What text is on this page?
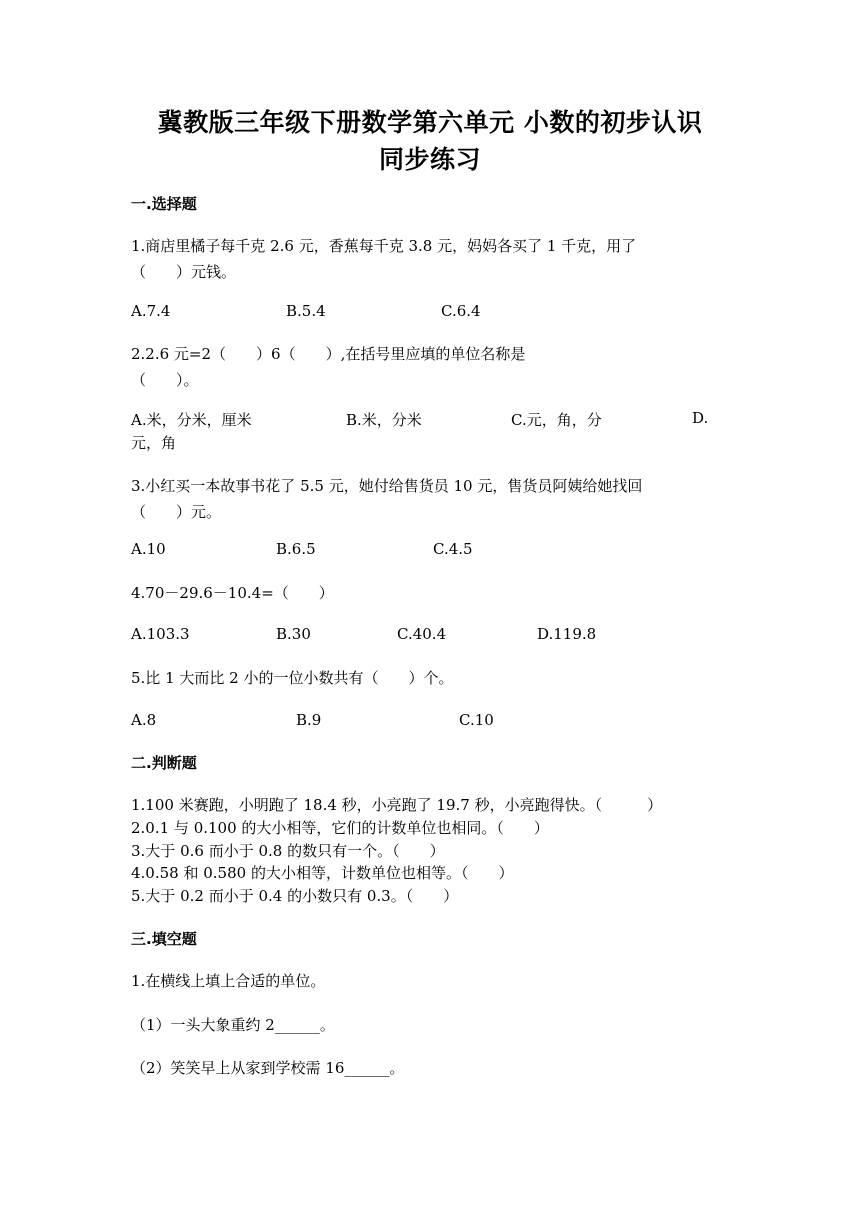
冀教版三年级下册数学第六单元 小数的初步认识
同步练习
一.选择题
1.商店里橘子每千克 2.6 元，香蕉每千克 3.8 元，妈妈各买了 1 千克，用了
（　　）元钱。
A.7.4	B.5.4	C.6.4
2.2.6 元=2（　　）6（　　）,在括号里应填的单位名称是
（　　）。
A.米，分米，厘米	B.米，分米	C.元，角，分	D.
元，角
3.小红买一本故事书花了 5.5 元，她付给售货员 10 元，售货员阿姨给她找回
（　　）元。
A.10	B.6.5	C.4.5
4.70－29.6－10.4=（　　）
A.103.3	B.30	C.40.4	D.119.8
5.比 1 大而比 2 小的一位小数共有（　　）个。
A.8	B.9	C.10
二.判断题
1.100 米赛跑，小明跑了 18.4 秒，小亮跑了 19.7 秒，小亮跑得快。（　　　）
2.0.1 与 0.100 的大小相等，它们的计数单位也相同。（　　）
3.大于 0.6 而小于 0.8 的数只有一个。（　　）
4.0.58 和 0.580 的大小相等，计数单位也相等。（　　）
5.大于 0.2 而小于 0.4 的小数只有 0.3。（　　）
三.填空题
1.在横线上填上合适的单位。
（1）一头大象重约 2______。
（2）笑笑早上从家到学校需 16______。
